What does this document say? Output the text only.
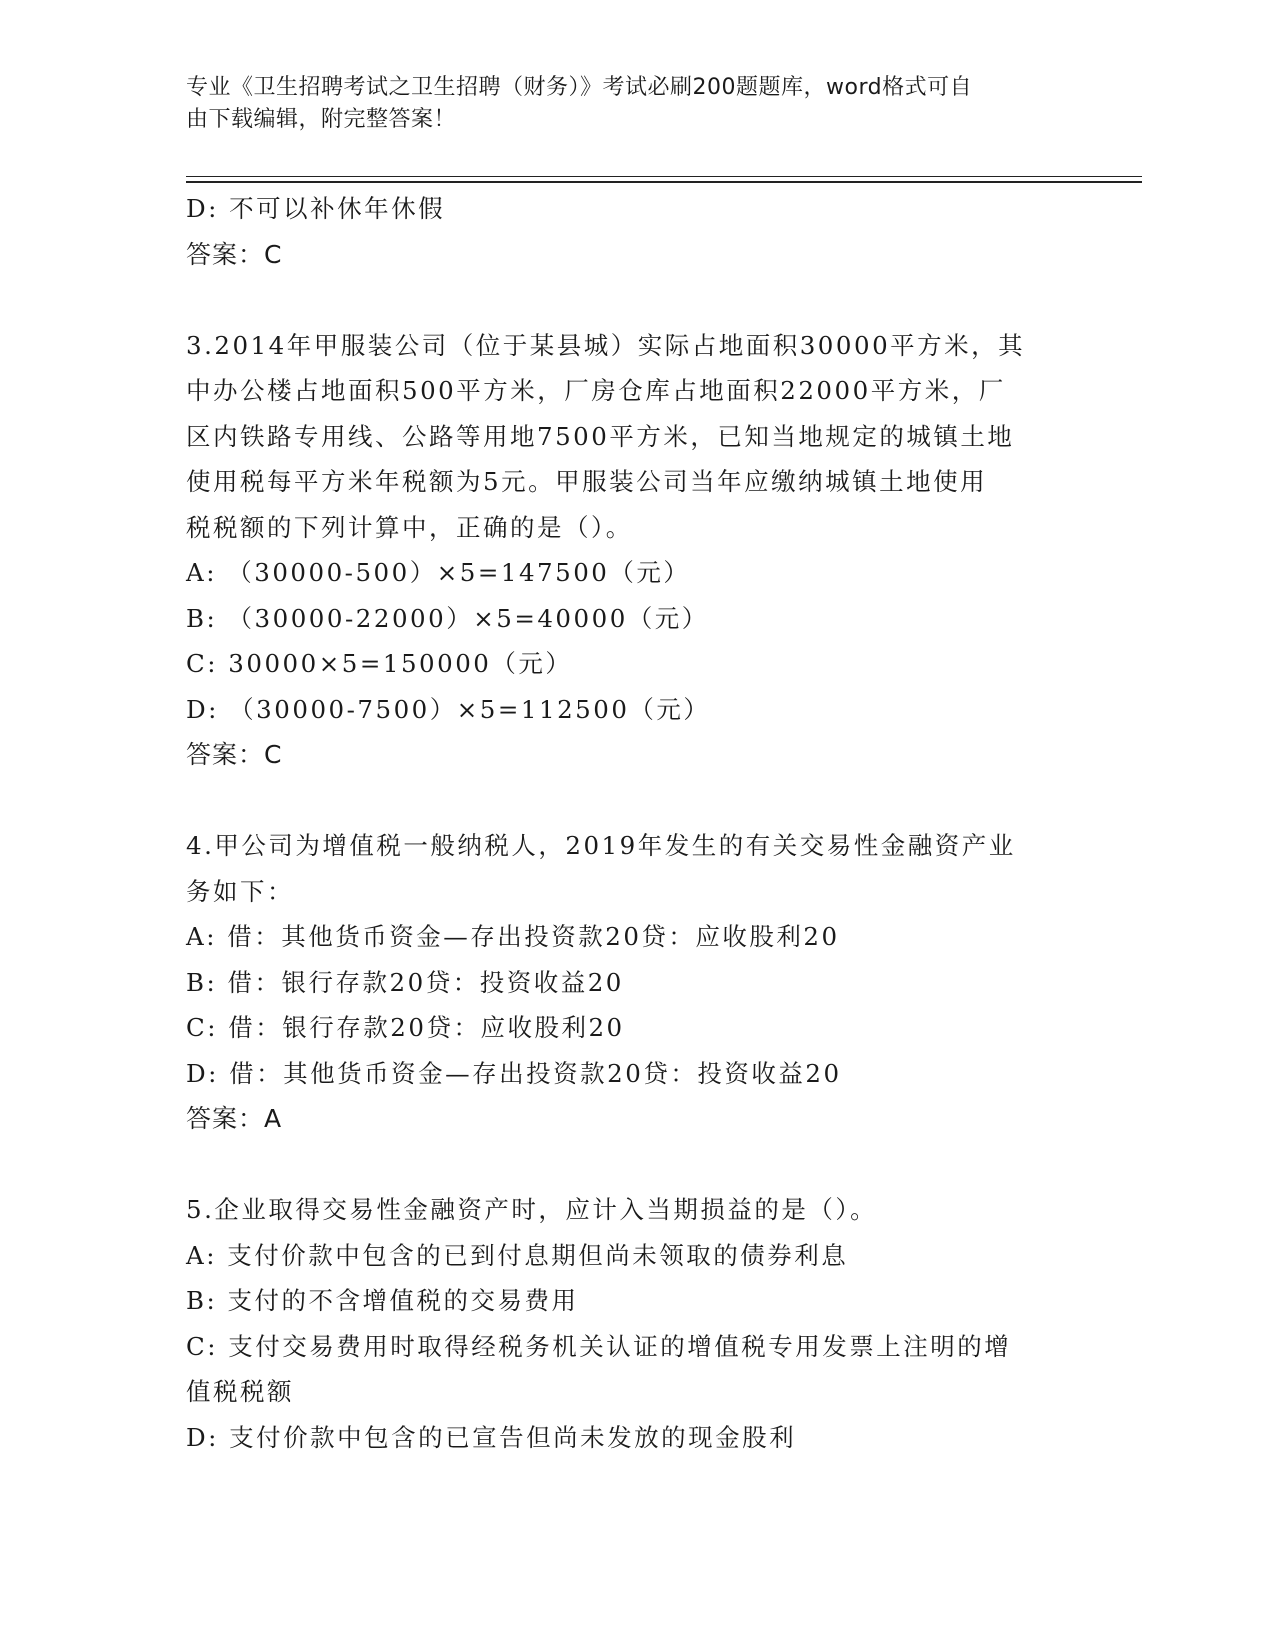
专业《卫生招聘考试之卫生招聘（财务）》考试必刷200题题库，word格式可自
由下载编辑，附完整答案！
D: 不可以补休年休假
答案：C
3.2014年甲服装公司（位于某县城）实际占地面积30000平方米，其
中办公楼占地面积500平方米，厂房仓库占地面积22000平方米，厂
区内铁路专用线、公路等用地7500平方米，已知当地规定的城镇土地
使用税每平方米年税额为5元。甲服装公司当年应缴纳城镇土地使用
税税额的下列计算中，正确的是（）。
A: （30000-500）×5=147500（元）
B: （30000-22000）×5=40000（元）
C: 30000×5=150000（元）
D: （30000-7500）×5=112500（元）
答案：C
4.甲公司为增值税一般纳税人，2019年发生的有关交易性金融资产业
务如下：
A: 借：其他货币资金—存出投资款20贷：应收股利20
B: 借：银行存款20贷：投资收益20
C: 借：银行存款20贷：应收股利20
D: 借：其他货币资金—存出投资款20贷：投资收益20
答案：A
5.企业取得交易性金融资产时，应计入当期损益的是（）。
A: 支付价款中包含的已到付息期但尚未领取的债券利息
B: 支付的不含增值税的交易费用
C: 支付交易费用时取得经税务机关认证的增值税专用发票上注明的增
值税税额
D: 支付价款中包含的已宣告但尚未发放的现金股利
